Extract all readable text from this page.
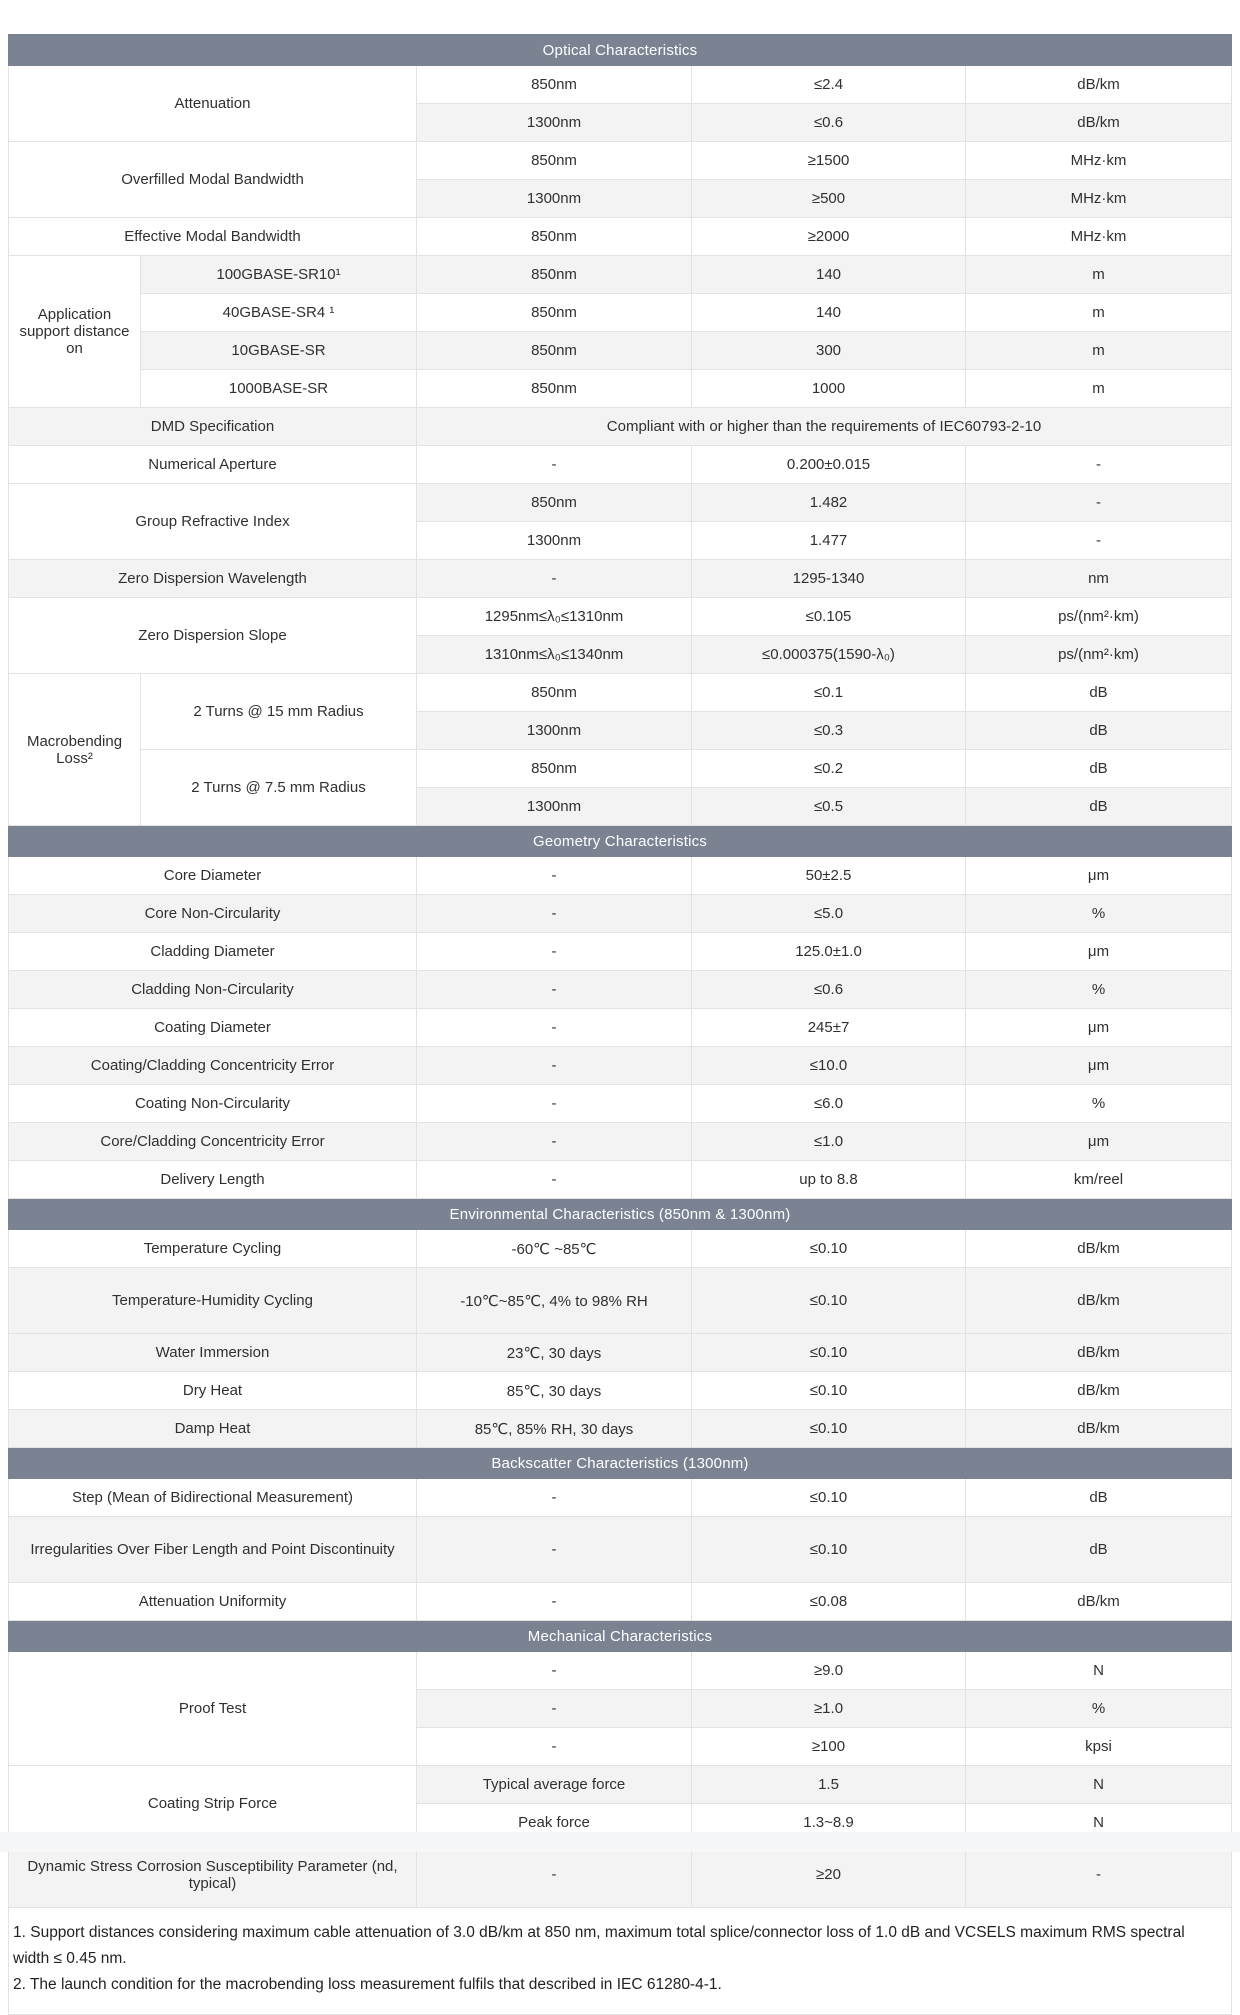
Optical Characteristics				
Attenuation		850nm	≤2.4	dB/km
		1300nm	≤0.6	dB/km
Overfilled Modal Bandwidth		850nm	≥1500	MHz·km
		1300nm	≥500	MHz·km
Effective Modal Bandwidth		850nm	≥2000	MHz·km
Application support distance on	100GBASE-SR10¹	850nm	140	m
	40GBASE-SR4 ¹	850nm	140	m
	10GBASE-SR	850nm	300	m
	1000BASE-SR	850nm	1000	m
DMD Specification		Compliant with or higher than the requirements of IEC60793-2-10		
Numerical Aperture		-	0.200±0.015	-
Group Refractive Index		850nm	1.482	-
		1300nm	1.477	-
Zero Dispersion Wavelength		-	1295-1340	nm
Zero Dispersion Slope		1295nm≤λ₀≤1310nm	≤0.105	ps/(nm²·km)
		1310nm≤λ₀≤1340nm	≤0.000375(1590-λ₀)	ps/(nm²·km)
Macrobending Loss²	2 Turns @ 15 mm Radius	850nm	≤0.1	dB
		1300nm	≤0.3	dB
	2 Turns @ 7.5 mm Radius	850nm	≤0.2	dB
		1300nm	≤0.5	dB
Geometry Characteristics				
Core Diameter		-	50±2.5	μm
Core Non-Circularity		-	≤5.0	%
Cladding Diameter		-	125.0±1.0	μm
Cladding Non-Circularity		-	≤0.6	%
Coating Diameter		-	245±7	μm
Coating/Cladding Concentricity Error		-	≤10.0	μm
Coating Non-Circularity		-	≤6.0	%
Core/Cladding Concentricity Error		-	≤1.0	μm
Delivery Length		-	up to 8.8	km/reel
Environmental Characteristics (850nm & 1300nm)				
Temperature Cycling		-60℃ ~85℃	≤0.10	dB/km
Temperature-Humidity Cycling		-10℃~85℃, 4% to 98% RH	≤0.10	dB/km
Water Immersion		23℃, 30 days	≤0.10	dB/km
Dry Heat		85℃, 30 days	≤0.10	dB/km
Damp Heat		85℃, 85% RH, 30 days	≤0.10	dB/km
Backscatter Characteristics (1300nm)				
Step (Mean of Bidirectional Measurement)		-	≤0.10	dB
Irregularities Over Fiber Length and Point Discontinuity		-	≤0.10	dB
Attenuation Uniformity		-	≤0.08	dB/km
Mechanical Characteristics				
Proof Test		-	≥9.0	N
		-	≥1.0	%
		-	≥100	kpsi
Coating Strip Force		Typical average force	1.5	N
		Peak force	1.3~8.9	N
Dynamic Stress Corrosion Susceptibility Parameter (nd, typical)		-	≥20	-

1. Support distances considering maximum cable attenuation of 3.0 dB/km at 850 nm, maximum total splice/connector loss of 1.0 dB and VCSELS maximum RMS spectral width ≤ 0.45 nm.

2. The launch condition for the macrobending loss measurement fulfils that described in IEC 61280-4-1.				
